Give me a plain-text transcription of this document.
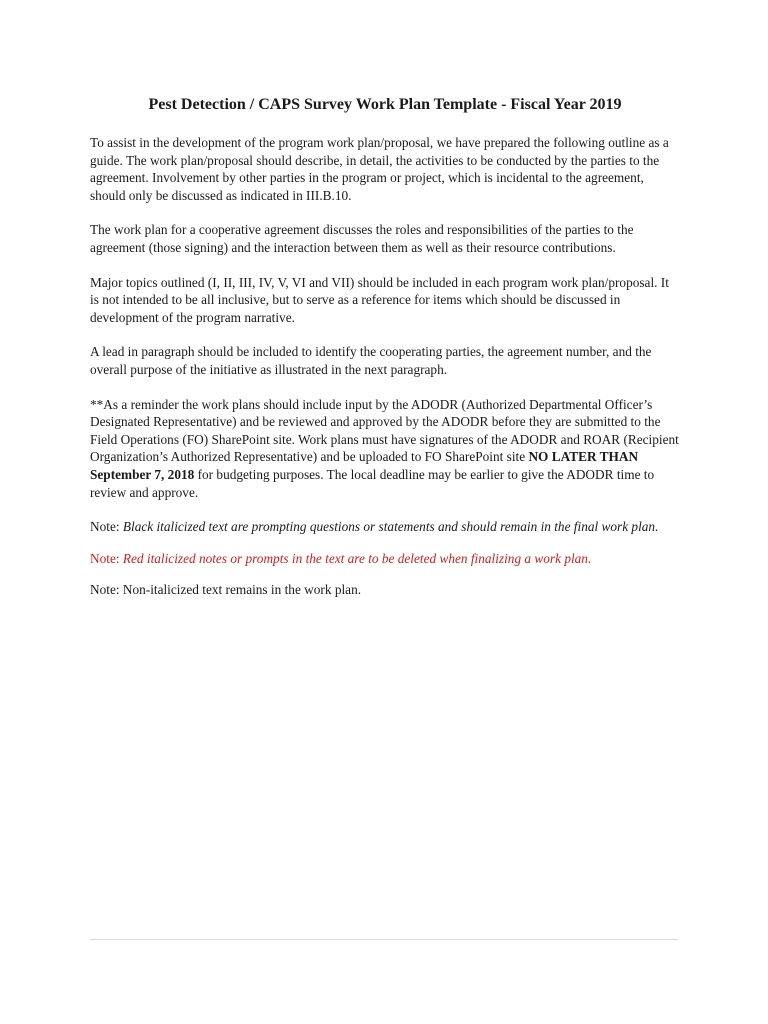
Pest Detection / CAPS Survey Work Plan Template - Fiscal Year 2019

To assist in the development of the program work plan/proposal, we have prepared the following outline as a guide. The work plan/proposal should describe, in detail, the activities to be conducted by the parties to the agreement. Involvement by other parties in the program or project, which is incidental to the agreement, should only be discussed as indicated in III.B.10.

The work plan for a cooperative agreement discusses the roles and responsibilities of the parties to the agreement (those signing) and the interaction between them as well as their resource contributions.

Major topics outlined (I, II, III, IV, V, VI and VII) should be included in each program work plan/proposal. It is not intended to be all inclusive, but to serve as a reference for items which should be discussed in development of the program narrative.

A lead in paragraph should be included to identify the cooperating parties, the agreement number, and the overall purpose of the initiative as illustrated in the next paragraph.

**As a reminder the work plans should include input by the ADODR (Authorized Departmental Officer’s Designated Representative) and be reviewed and approved by the ADODR before they are submitted to the Field Operations (FO) SharePoint site. Work plans must have signatures of the ADODR and ROAR (Recipient Organization’s Authorized Representative) and be uploaded to FO SharePoint site NO LATER THAN September 7, 2018 for budgeting purposes. The local deadline may be earlier to give the ADODR time to review and approve.

Note: Black italicized text are prompting questions or statements and should remain in the final work plan.

Note: Red italicized notes or prompts in the text are to be deleted when finalizing a work plan.

Note: Non-italicized text remains in the work plan.
